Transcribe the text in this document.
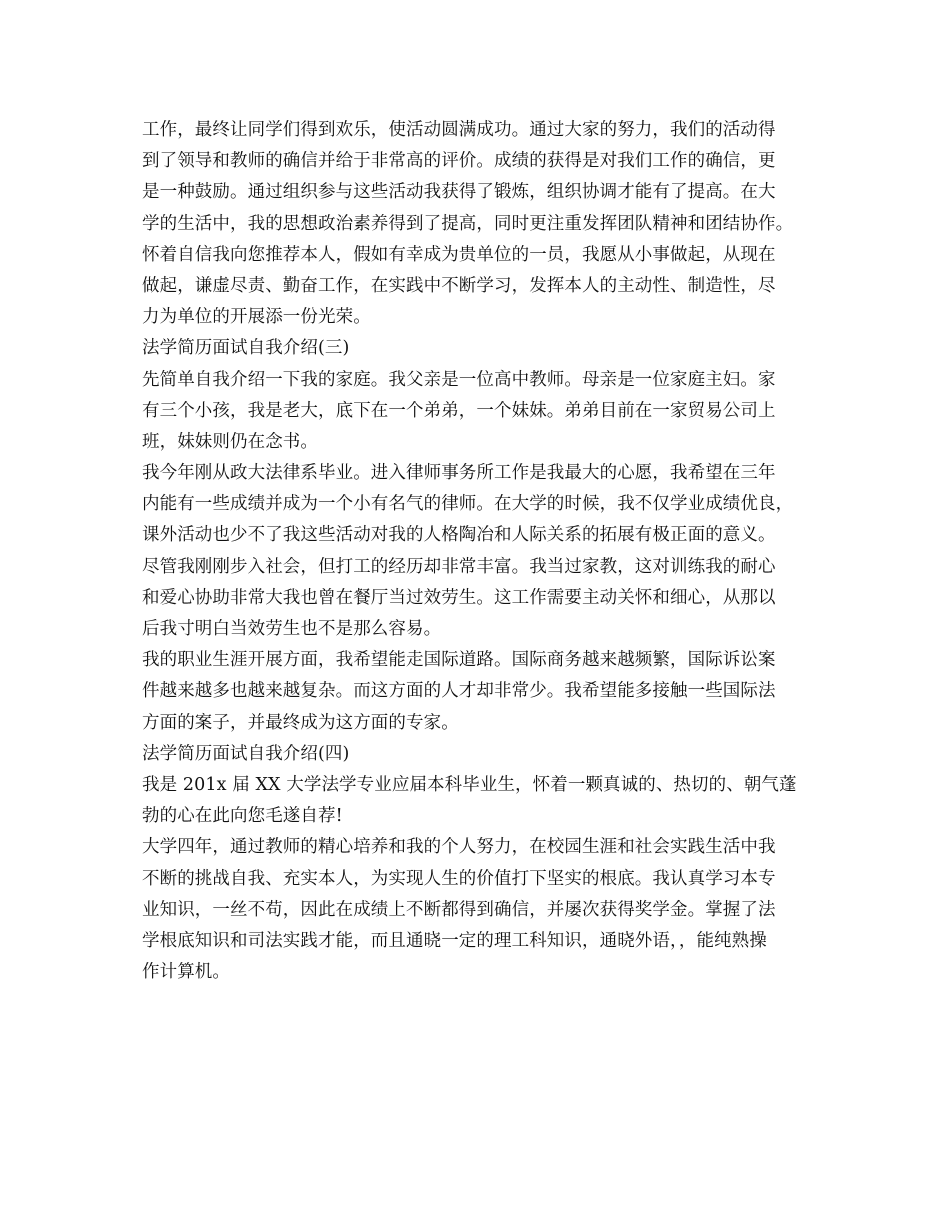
工作，最终让同学们得到欢乐，使活动圆满成功。通过大家的努力，我们的活动得
到了领导和教师的确信并给于非常高的评价。成绩的获得是对我们工作的确信，更
是一种鼓励。通过组织参与这些活动我获得了锻炼，组织协调才能有了提高。在大
学的生活中，我的思想政治素养得到了提高，同时更注重发挥团队精神和团结协作。
怀着自信我向您推荐本人，假如有幸成为贵单位的一员，我愿从小事做起，从现在
做起，谦虚尽责、勤奋工作，在实践中不断学习，发挥本人的主动性、制造性，尽
力为单位的开展添一份光荣。
法学简历面试自我介绍(三)
先简单自我介绍一下我的家庭。我父亲是一位高中教师。母亲是一位家庭主妇。家
有三个小孩，我是老大，底下在一个弟弟，一个妹妹。弟弟目前在一家贸易公司上
班，妹妹则仍在念书。
我今年刚从政大法律系毕业。进入律师事务所工作是我最大的心愿，我希望在三年
内能有一些成绩并成为一个小有名气的律师。在大学的时候，我不仅学业成绩优良，
课外活动也少不了我这些活动对我的人格陶冶和人际关系的拓展有极正面的意义。
尽管我刚刚步入社会，但打工的经历却非常丰富。我当过家教，这对训练我的耐心
和爱心协助非常大我也曾在餐厅当过效劳生。这工作需要主动关怀和细心，从那以
后我寸明白当效劳生也不是那么容易。
我的职业生涯开展方面，我希望能走国际道路。国际商务越来越频繁，国际诉讼案
件越来越多也越来越复杂。而这方面的人才却非常少。我希望能多接触一些国际法
方面的案子，并最终成为这方面的专家。
法学简历面试自我介绍(四)
我是 201x 届 XX 大学法学专业应届本科毕业生，怀着一颗真诚的、热切的、朝气蓬
勃的心在此向您毛遂自荐!
大学四年，通过教师的精心培养和我的个人努力，在校园生涯和社会实践生活中我
不断的挑战自我、充实本人，为实现人生的价值打下坚实的根底。我认真学习本专
业知识，一丝不苟，因此在成绩上不断都得到确信，并屡次获得奖学金。掌握了法
学根底知识和司法实践才能，而且通晓一定的理工科知识，通晓外语，，能纯熟操
作计算机。
